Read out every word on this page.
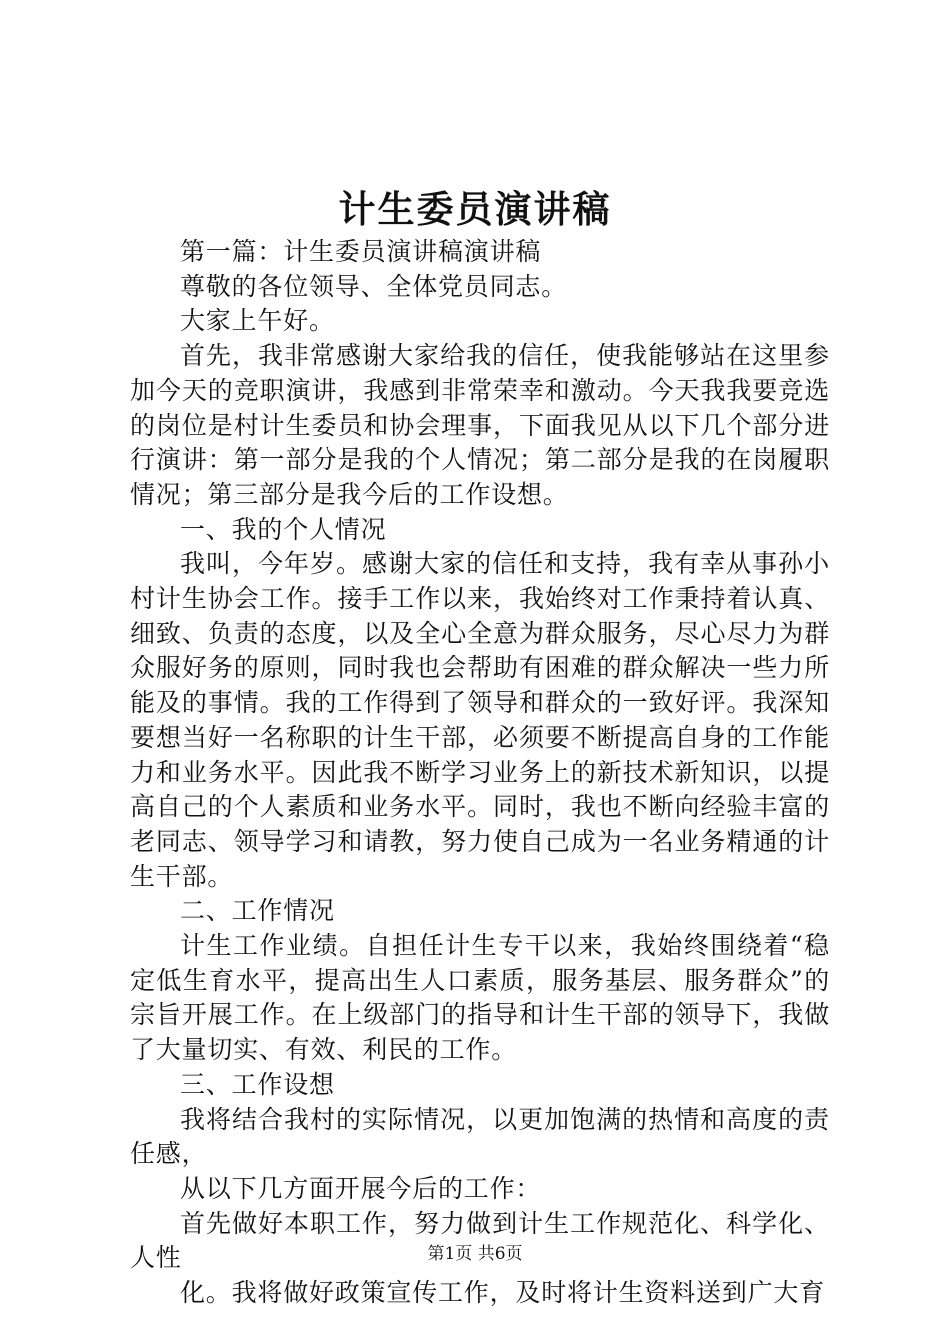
计生委员演讲稿

第一篇：计生委员演讲稿演讲稿

尊敬的各位领导、全体党员同志。

大家上午好。

首先，我非常感谢大家给我的信任，使我能够站在这里参加今天的竞职演讲，我感到非常荣幸和激动。今天我我要竞选的岗位是村计生委员和协会理事，下面我见从以下几个部分进行演讲：第一部分是我的个人情况；第二部分是我的在岗履职情况；第三部分是我今后的工作设想。

一、我的个人情况

我叫，今年岁。感谢大家的信任和支持，我有幸从事孙小村计生协会工作。接手工作以来，我始终对工作秉持着认真、细致、负责的态度，以及全心全意为群众服务，尽心尽力为群众服好务的原则，同时我也会帮助有困难的群众解决一些力所能及的事情。我的工作得到了领导和群众的一致好评。我深知要想当好一名称职的计生干部，必须要不断提高自身的工作能力和业务水平。因此我不断学习业务上的新技术新知识，以提高自己的个人素质和业务水平。同时，我也不断向经验丰富的老同志、领导学习和请教，努力使自己成为一名业务精通的计生干部。

二、工作情况

计生工作业绩。自担任计生专干以来，我始终围绕着“稳定低生育水平，提高出生人口素质，服务基层、服务群众”的宗旨开展工作。在上级部门的指导和计生干部的领导下，我做了大量切实、有效、利民的工作。

三、工作设想

我将结合我村的实际情况，以更加饱满的热情和高度的责任感，

从以下几方面开展今后的工作：

首先做好本职工作，努力做到计生工作规范化、科学化、人性

化。我将做好政策宣传工作，及时将计生资料送到广大育

第1页 共6页
